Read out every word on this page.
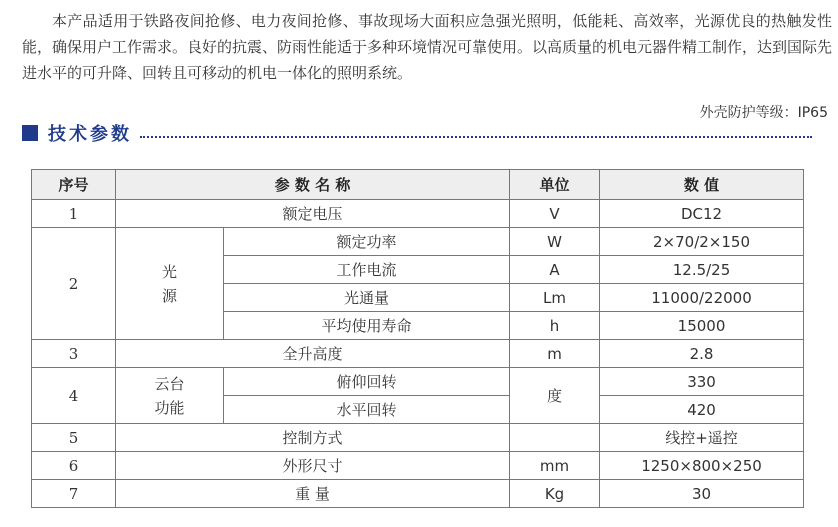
本产品适用于铁路夜间抢修、电力夜间抢修、事故现场大面积应急强光照明，低能耗、高效率，光源优良的热触发性能，确保用户工作需求。良好的抗震、防雨性能适于多种环境情况可靠使用。以高质量的机电元器件精工制作，达到国际先进水平的可升降、回转且可移动的机电一体化的照明系统。

外壳防护等级：IP65
技术参数
序号	参 数 名 称		单位	数 值
1	额定电压		V	DC12
2	光源	额定功率	W	2×70/2×150
		工作电流	A	12.5/25
		光通量	Lm	11000/22000
		平均使用寿命	h	15000
3	全升高度		m	2.8
4	云台功能	俯仰回转	度	330
		水平回转		420
5	控制方式			线控+遥控
6	外形尺寸		mm	1250×800×250
7	重 量		Kg	30
